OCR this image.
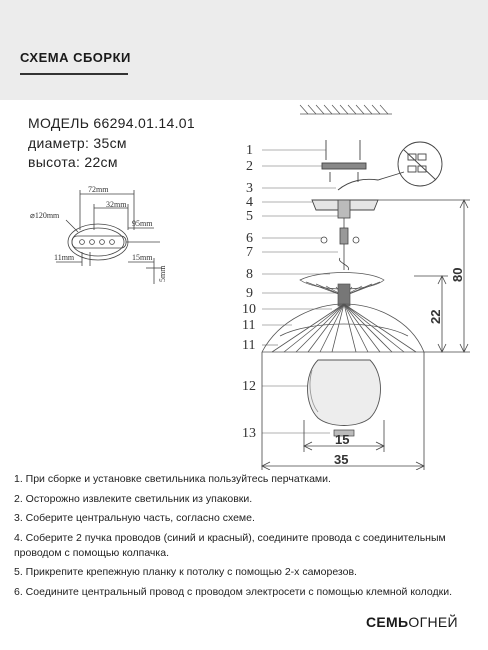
СХЕМА СБОРКИ
МОДЕЛЬ 66294.01.14.01
диаметр: 35см
высота: 22см
72mm
32mm
⌀120mm
95mm
11mm	15mm
5mm
1
2
3
4
5
6
7
8
9
10
11
11
12
13
80
22
15
35
1. При сборке и установке светильника пользуйтесь перчатками.
2. Осторожно извлеките светильник из упаковки.
3. Соберите центральную часть, согласно схеме.
4. Соберите 2 пучка проводов (синий и красный), соедините провода с соединительным проводом с помощью колпачка.
5. Прикрепите крепежную планку к потолку с помощью 2-х саморезов.
6. Соедините центральный провод с проводом электросети с помощью клемной колодки.
СЕМЬОГНЕЙ
